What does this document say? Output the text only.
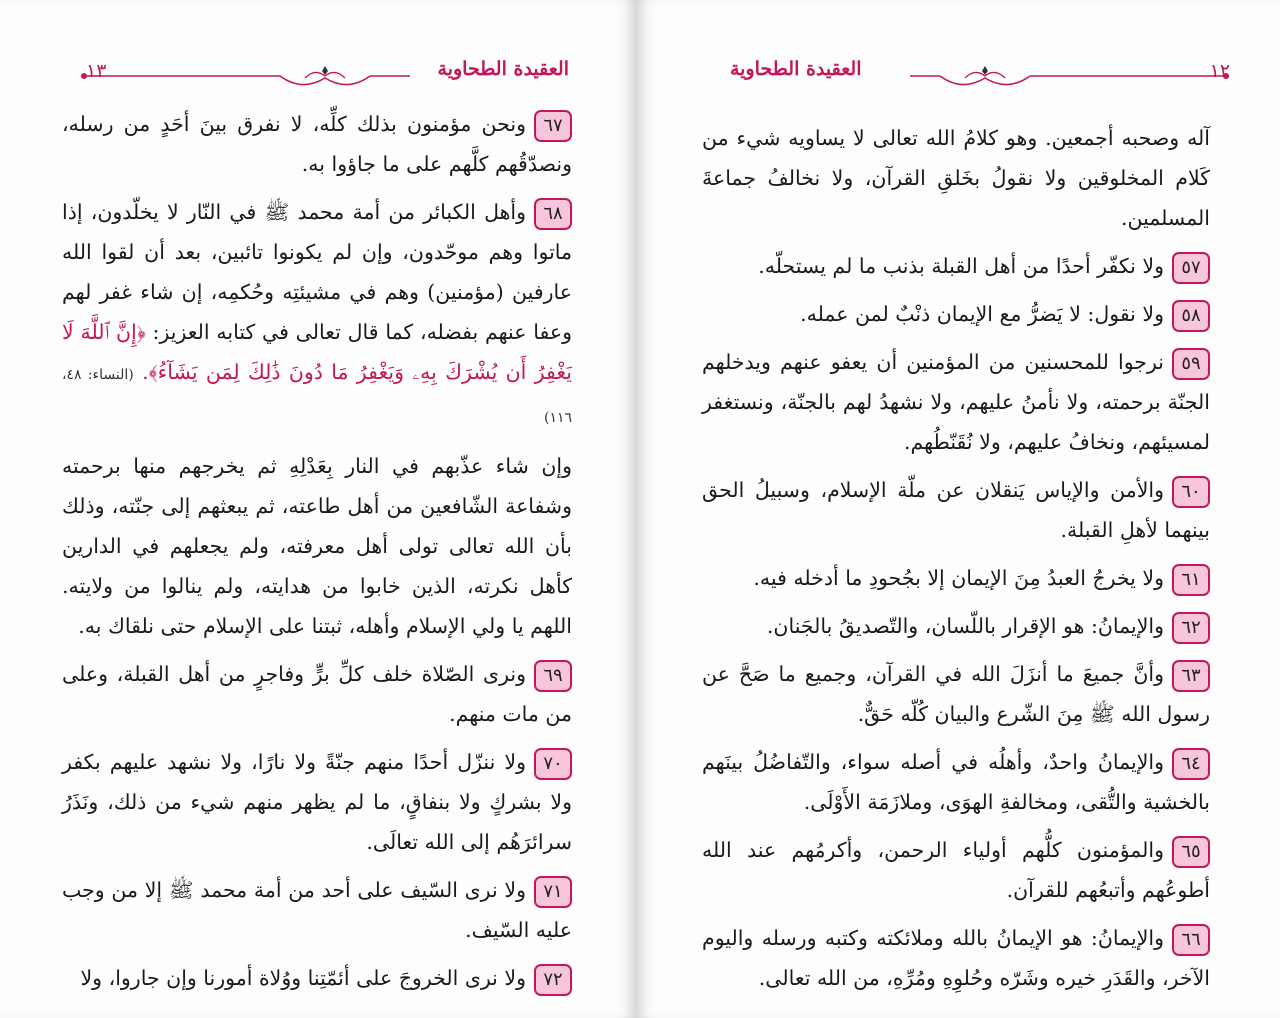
العقيدة الطحاوية
١٣

٦٧ونحن مؤمنون بذلك كلِّه، لا نفرق بينَ أحَدٍ من رسله، ونصدّقُهم كلَّهم على ما جاؤوا به.

٦٨وأهل الكبائر من أمة محمد ﷺ في النّار لا يخلّدون، إذا ماتوا وهم موحّدون، وإن لم يكونوا تائبين، بعد أن لقوا الله عارفين (مؤمنين) وهم في مشيئتِه وحُكمِه، إن شاء غفر لهم وعفا عنهم بفضله، كما قال تعالى في كتابه العزيز: ﴿إِنَّ ٱللَّهَ لَا يَغْفِرُ أَن يُشْرَكَ بِهِۦ وَيَغْفِرُ مَا دُونَ ذَٰلِكَ لِمَن يَشَآءُ﴾. (النساء: ٤٨، ١١٦)

وإن شاء عذّبهم في النار بِعَدْلِهِ ثم يخرجهم منها برحمته وشفاعة الشّافعين من أهل طاعته، ثم يبعثهم إلى جنّته، وذلك بأن الله تعالى تولى أهل معرفته، ولم يجعلهم في الدارين كأهل نكرته، الذين خابوا من هدايته، ولم ينالوا من ولايته. اللهم يا ولي الإسلام وأهله، ثبتنا على الإسلام حتى نلقاك به.

٦٩ونرى الصّلاة خلف كلِّ برٍّ وفاجرٍ من أهل القبلة، وعلى من مات منهم.

٧٠ولا ننزّل أحدًا منهم جنّةً ولا نارًا، ولا نشهد عليهم بكفر ولا بشركٍ ولا بنفاقٍ، ما لم يظهر منهم شيء من ذلك، ونَذَرُ سرائرَهُم إلى الله تعالَى.

٧١ولا نرى السّيف على أحد من أمة محمد ﷺ إلا من وجب عليه السّيف.

٧٢ولا نرى الخروجَ على أئمّتِنا ووُلاة أمورنا وإن جاروا، ولا

العقيدة الطحاوية	١٢

آله وصحبه أجمعين. وهو كلامُ الله تعالى لا يساويه شيء من كَلام المخلوقين ولا نقولُ بخَلقِ القرآن، ولا نخالفُ جماعةَ المسلمين.

٥٧ولا نكفّر أحدًا من أهل القبلة بذنب ما لم يستحلّه.

٥٨ولا نقول: لا يَضرُّ مع الإيمان ذنْبٌ لمن عمله.

٥٩نرجوا للمحسنين من المؤمنين أن يعفو عنهم ويدخلهم الجنّة برحمته، ولا نأمنُ عليهم، ولا نشهدُ لهم بالجنّة، ونستغفر لمسيئهم، ونخافُ عليهم، ولا نُقَنّطُهم.

٦٠والأمن والإياس يَنقلان عن ملّة الإسلام، وسبيلُ الحق بينهما لأهلِ القبلة.

٦١ولا يخرجُ العبدُ مِنَ الإيمان إلا بجُحودِ ما أدخله فيه.

٦٢والإيمانُ: هو الإقرار باللّسان، والتّصديقُ بالجَنان.

٦٣وأنَّ جميعَ ما أنزَلَ الله في القرآن، وجميع ما صَحَّ عن رسول الله ﷺ مِنَ الشّرع والبيان كُلّه حَقٌّ.

٦٤والإيمانُ واحدٌ، وأهلُه في أصله سواء، والتّفاضُلُ بينَهم بالخشية والتُّقى، ومخالفةِ الهوَى، وملازَمَة الأَوْلَى.

٦٥والمؤمنون كلُّهم أولياء الرحمن، وأكرمُهم عند الله أطوعُهم وأتبعُهم للقرآن.

٦٦والإيمانُ: هو الإيمانُ بالله وملائكته وكتبه ورسله واليوم الآخر، والقَدَرِ خيره وشَرّه وحُلوِهِ ومُرِّهِ، من الله تعالى.
